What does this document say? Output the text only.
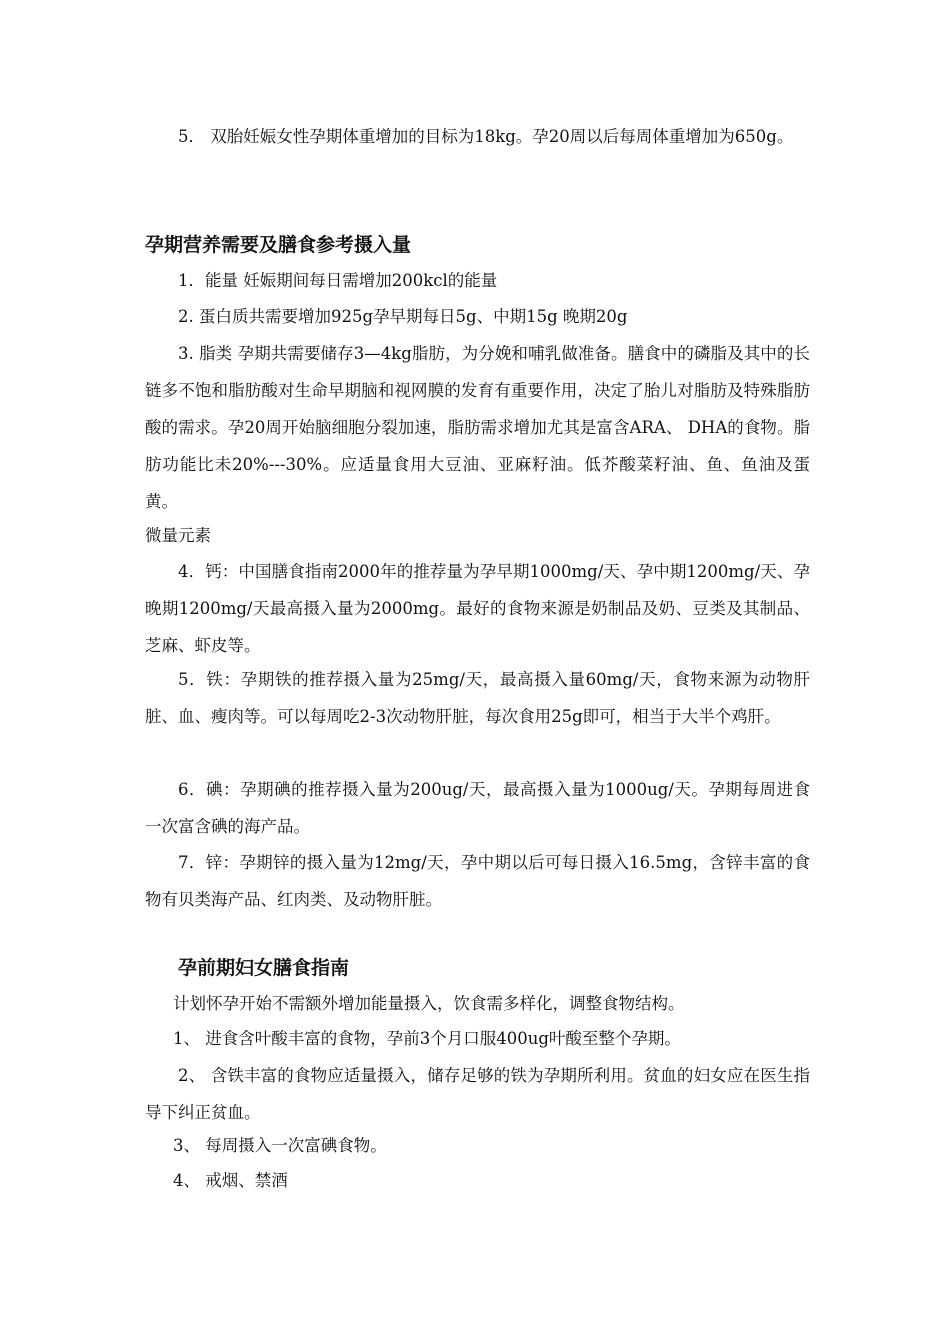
5． 双胎妊娠女性孕期体重增加的目标为18kg。孕20周以后每周体重增加为650g。

孕期营养需要及膳食参考摄入量

1．能量 妊娠期间每日需增加200kcl的能量

2. 蛋白质共需要增加925g孕早期每日5g、中期15g 晚期20g

3. 脂类 孕期共需要储存3—4kg脂肪，为分娩和哺乳做准备。膳食中的磷脂及其中的长链多不饱和脂肪酸对生命早期脑和视网膜的发育有重要作用，决定了胎儿对脂肪及特殊脂肪酸的需求。孕20周开始脑细胞分裂加速，脂肪需求增加尤其是富含ARA、 DHA的食物。脂肪功能比未20%---30%。应适量食用大豆油、亚麻籽油。低芥酸菜籽油、鱼、鱼油及蛋黄。

微量元素

4．钙：中国膳食指南2000年的推荐量为孕早期1000mg/天、孕中期1200mg/天、孕晚期1200mg/天最高摄入量为2000mg。最好的食物来源是奶制品及奶、豆类及其制品、芝麻、虾皮等。

5．铁：孕期铁的推荐摄入量为25mg/天，最高摄入量60mg/天，食物来源为动物肝脏、血、瘦肉等。可以每周吃2-3次动物肝脏，每次食用25g即可，相当于大半个鸡肝。

6．碘：孕期碘的推荐摄入量为200ug/天，最高摄入量为1000ug/天。孕期每周进食一次富含碘的海产品。

7．锌：孕期锌的摄入量为12mg/天，孕中期以后可每日摄入16.5mg，含锌丰富的食物有贝类海产品、红肉类、及动物肝脏。

孕前期妇女膳食指南

计划怀孕开始不需额外增加能量摄入，饮食需多样化，调整食物结构。

1、 进食含叶酸丰富的食物，孕前3个月口服400ug叶酸至整个孕期。

2、 含铁丰富的食物应适量摄入，储存足够的铁为孕期所利用。贫血的妇女应在医生指导下纠正贫血。

3、 每周摄入一次富碘食物。

4、 戒烟、禁酒
